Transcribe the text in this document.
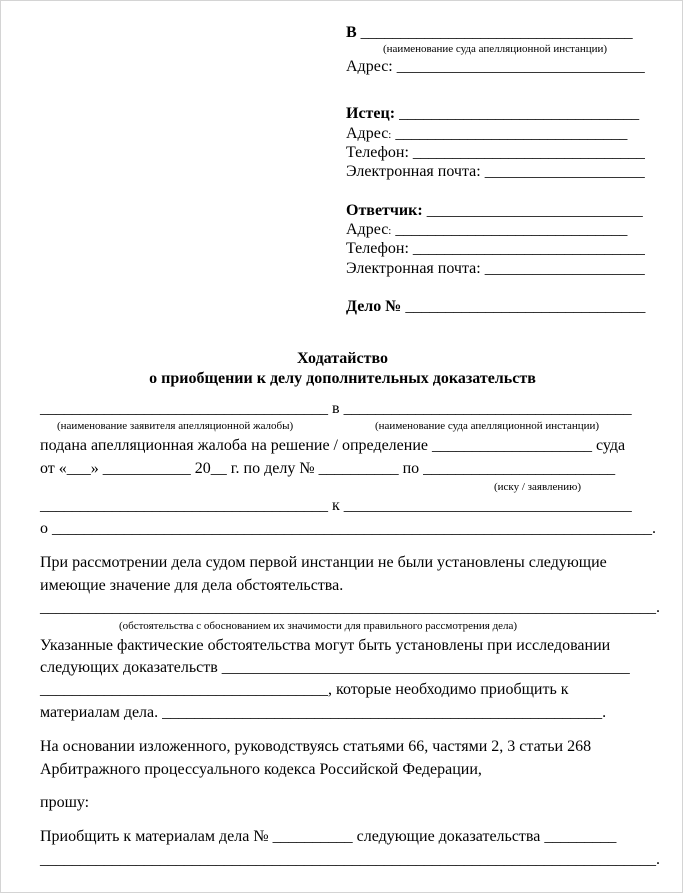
В __________________________________
(наименование суда апелляционной инстанции)
Адрес: _______________________________
Истец: ______________________________
Адрес: _____________________________
Телефон: _____________________________
Электронная почта: ____________________
Ответчик: ___________________________
Адрес: _____________________________
Телефон: _____________________________
Электронная почта: ____________________
Дело № ______________________________
Ходатайство
о приобщении к делу дополнительных доказательств
____________________________________ в ____________________________________
(наименование заявителя апелляционной жалобы)	(наименование суда апелляционной инстанции)
подана апелляционная жалоба на решение / определение ____________________ суда
от «___» ___________ 20__ г. по делу № __________ по ________________________
(иску / заявлению)
____________________________________ к ____________________________________
о ___________________________________________________________________________.
При рассмотрении дела судом первой инстанции не были установлены следующие
имеющие значение для дела обстоятельства.
_____________________________________________________________________________.
(обстоятельства с обоснованием их значимости для правильного рассмотрения дела)
Указанные фактические обстоятельства могут быть установлены при исследовании
следующих доказательств ___________________________________________________
____________________________________, которые необходимо приобщить к
материалам дела. _______________________________________________________.
На основании изложенного, руководствуясь статьями 66, частями 2, 3 статьи 268
Арбитражного процессуального кодекса Российской Федерации,
прошу:
Приобщить к материалам дела № __________ следующие доказательства _________
_____________________________________________________________________________.
